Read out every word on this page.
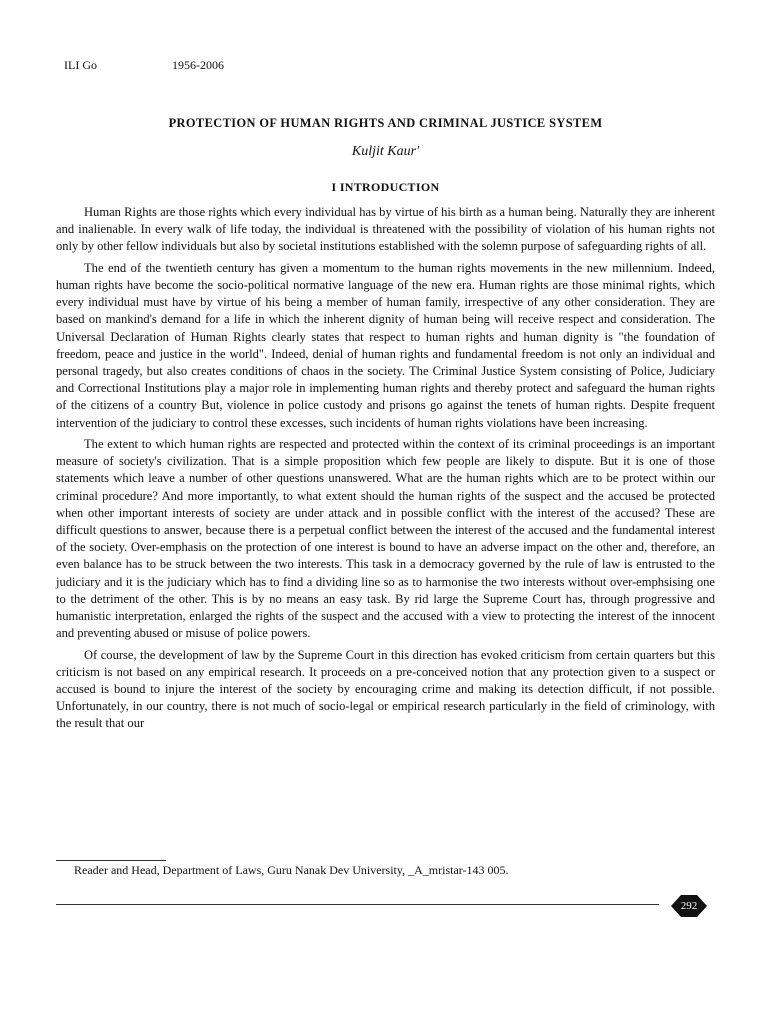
ILI Go	1956-2006
PROTECTION OF HUMAN RIGHTS AND CRIMINAL JUSTICE SYSTEM
Kuljit Kaur'
I INTRODUCTION

Human Rights are those rights which every individual has by virtue of his birth as a human being. Naturally they are inherent and inalienable. In every walk of life today, the individual is threatened with the possibility of violation of his human rights not only by other fellow individuals but also by societal institutions established with the solemn purpose of safeguarding rights of all.

The end of the twentieth century has given a momentum to the human rights movements in the new millennium. Indeed, human rights have become the socio-political normative language of the new era. Human rights are those minimal rights, which every individual must have by virtue of his being a member of human family, irrespective of any other consideration. They are based on mankind's demand for a life in which the inherent dignity of human being will receive respect and consideration. The Universal Declaration of Human Rights clearly states that respect to human rights and human dignity is "the foundation of freedom, peace and justice in the world". Indeed, denial of human rights and fundamental freedom is not only an individual and personal tragedy, but also creates conditions of chaos in the society. The Criminal Justice System consisting of Police, Judiciary and Correctional Institutions play a major role in implementing human rights and thereby protect and safeguard the human rights of the citizens of a country But, violence in police custody and prisons go against the tenets of human rights. Despite frequent intervention of the judiciary to control these excesses, such incidents of human rights violations have been increasing.

The extent to which human rights are respected and protected within the context of its criminal proceedings is an important measure of society's civilization. That is a simple proposition which few people are likely to dispute. But it is one of those statements which leave a number of other questions unanswered. What are the human rights which are to be protect within our criminal procedure? And more importantly, to what extent should the human rights of the suspect and the accused be protected when other important interests of society are under attack and in possible conflict with the interest of the accused? These are difficult questions to answer, because there is a perpetual conflict between the interest of the accused and the fundamental interest of the society. Over-emphasis on the protection of one interest is bound to have an adverse impact on the other and, therefore, an even balance has to be struck between the two interests. This task in a democracy governed by the rule of law is entrusted to the judiciary and it is the judiciary which has to find a dividing line so as to harmonise the two interests without over-emphsising one to the detriment of the other. This is by no means an easy task. By rid large the Supreme Court has, through progressive and humanistic interpretation, enlarged the rights of the suspect and the accused with a view to protecting the interest of the innocent and preventing abused or misuse of police powers.

Of course, the development of law by the Supreme Court in this direction has evoked criticism from certain quarters but this criticism is not based on any empirical research. It proceeds on a pre-conceived notion that any protection given to a suspect or accused is bound to injure the interest of the society by encouraging crime and making its detection difficult, if not possible. Unfortunately, in our country, there is not much of socio-legal or empirical research particularly in the field of criminology, with the result that our

Reader and Head, Department of Laws, Guru Nanak Dev University, _A_mristar-143 005.
292
